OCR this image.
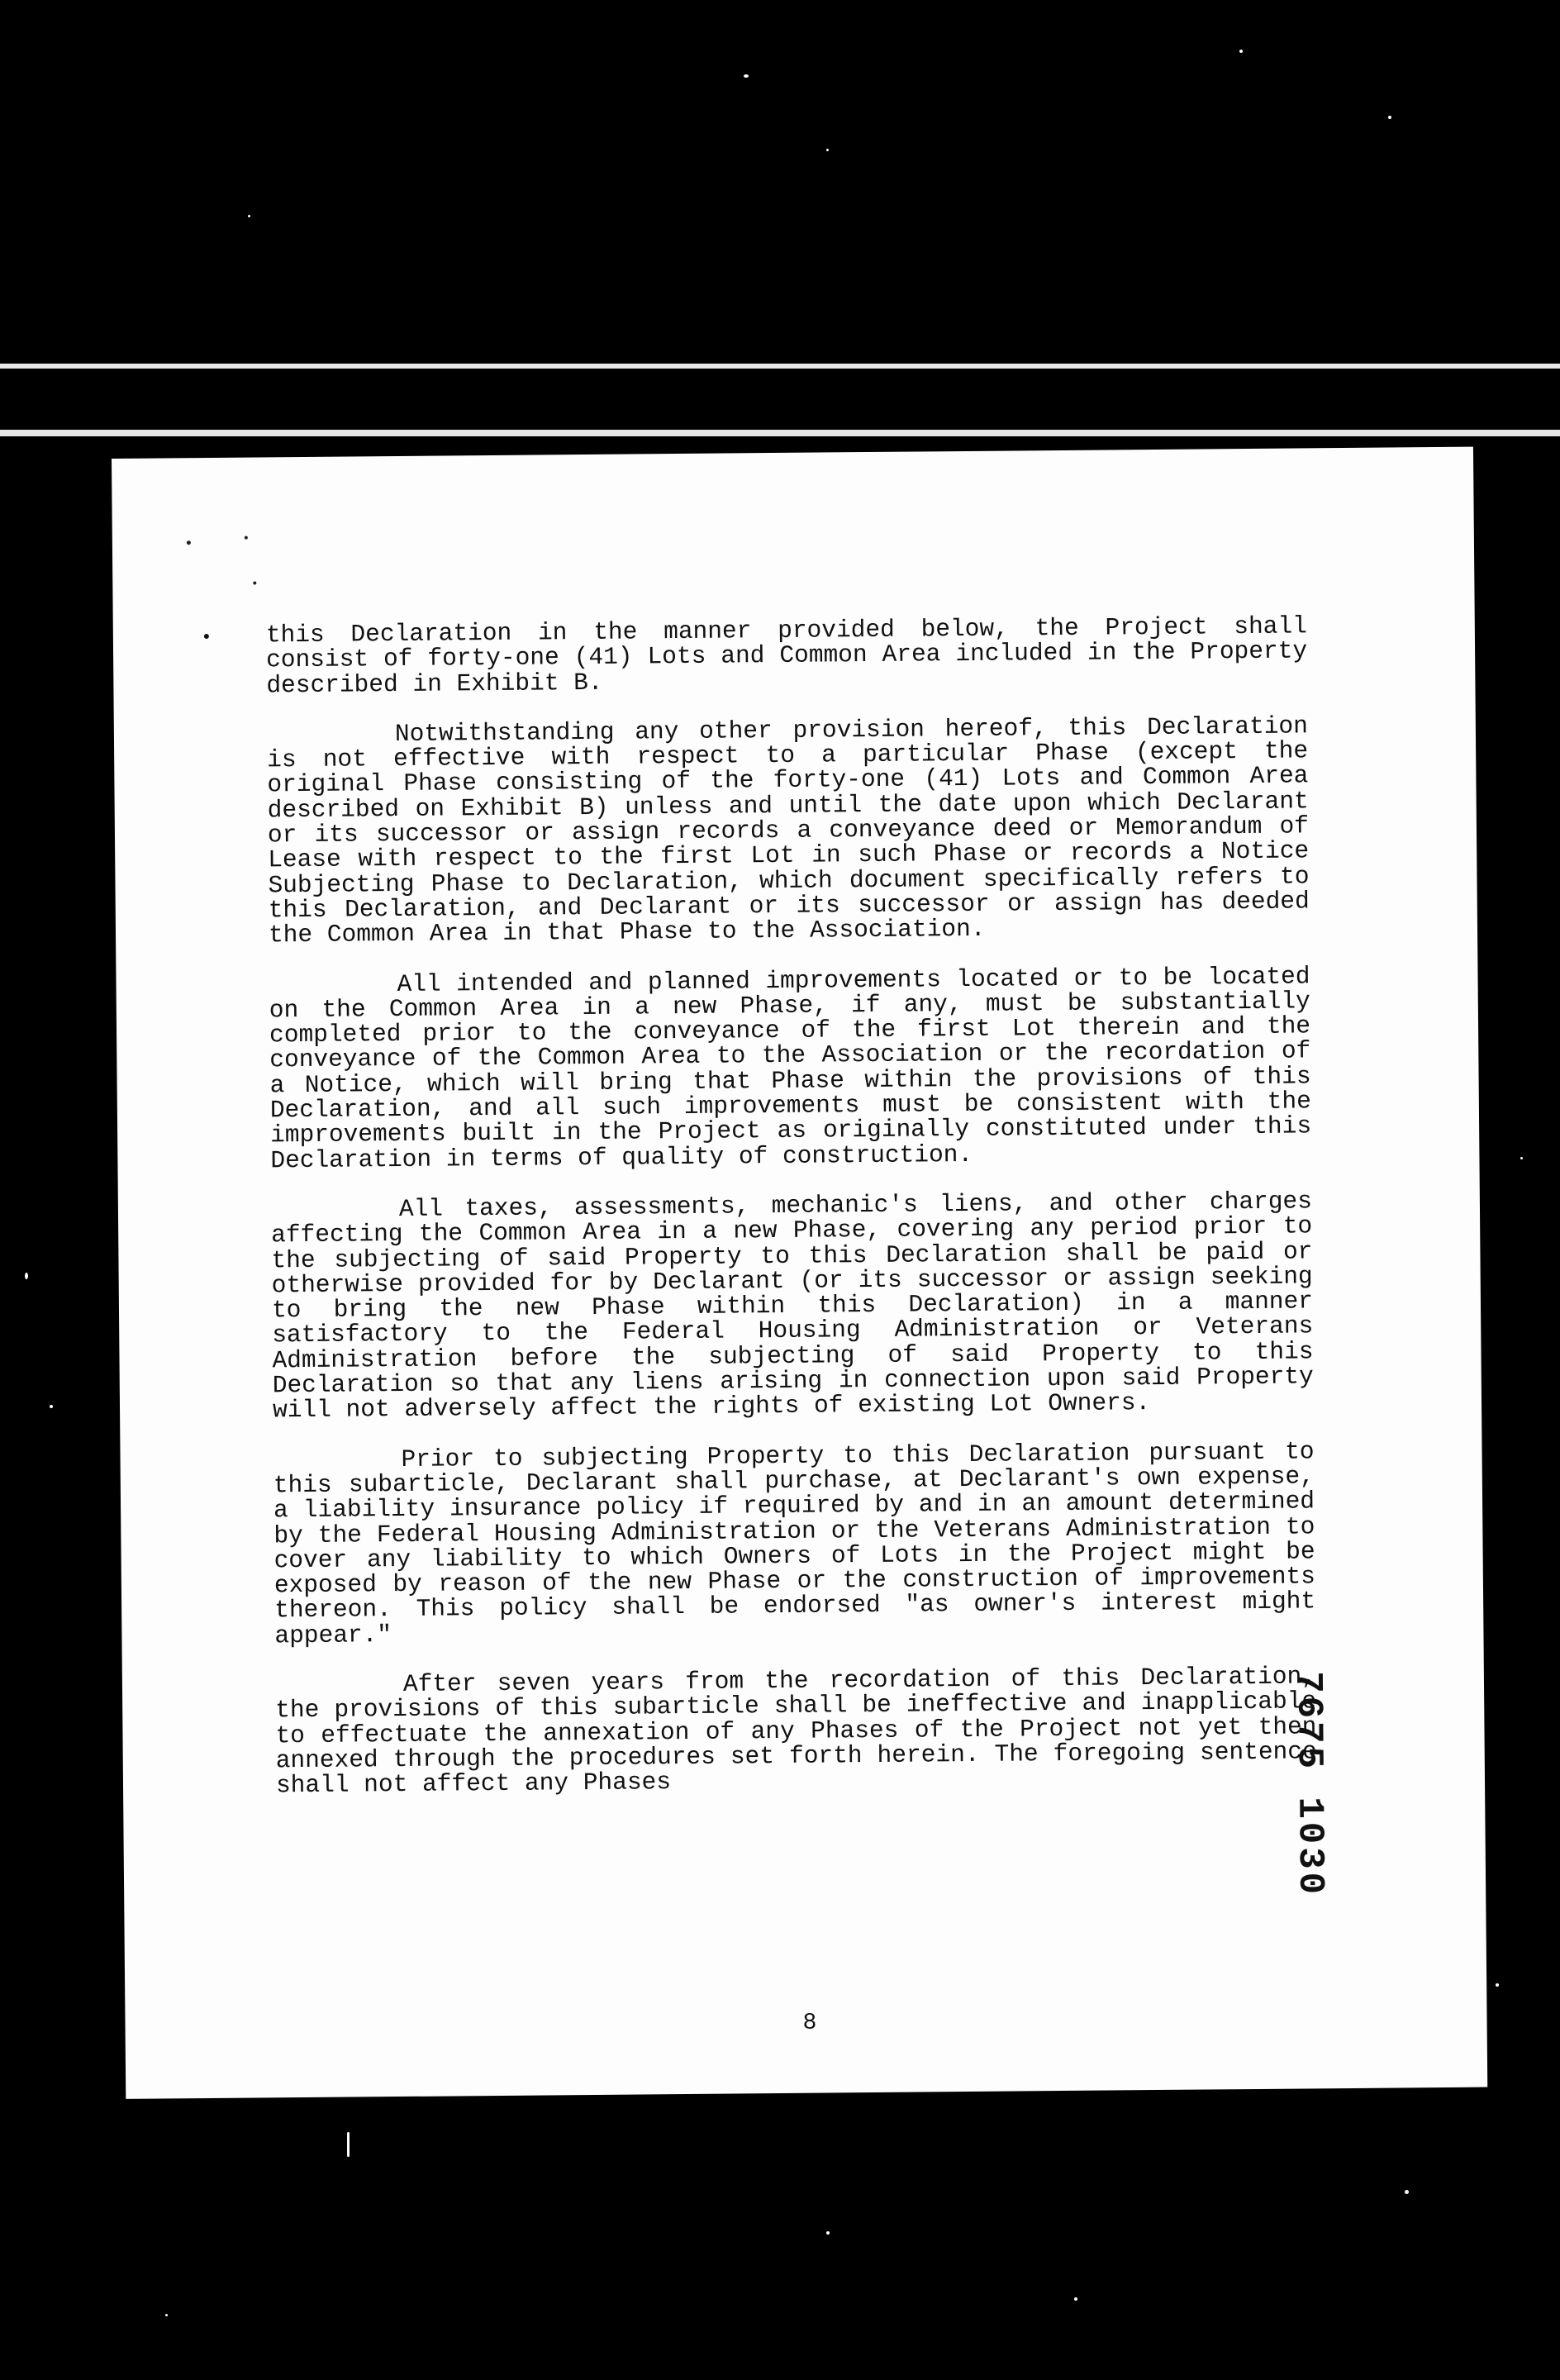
this Declaration in the manner provided below, the Project shall consist of forty-one (41) Lots and Common Area included in the Property described in Exhibit B.

Notwithstanding any other provision hereof, this Declaration is not effective with respect to a particular Phase (except the original Phase consisting of the forty-one (41) Lots and Common Area described on Exhibit B) unless and until the date upon which Declarant or its successor or assign records a conveyance deed or Memorandum of Lease with respect to the first Lot in such Phase or records a Notice Subjecting Phase to Declaration, which document specifically refers to this Declaration, and Declarant or its successor or assign has deeded the Common Area in that Phase to the Association.

All intended and planned improvements located or to be located on the Common Area in a new Phase, if any, must be substantially completed prior to the conveyance of the first Lot therein and the conveyance of the Common Area to the Association or the recordation of a Notice, which will bring that Phase within the provisions of this Declaration, and all such improvements must be consistent with the improvements built in the Project as originally constituted under this Declaration in terms of quality of construction.

All taxes, assessments, mechanic's liens, and other charges affecting the Common Area in a new Phase, covering any period prior to the subjecting of said Property to this Declaration shall be paid or otherwise provided for by Declarant (or its successor or assign seeking to bring the new Phase within this Declaration) in a manner satisfactory to the Federal Housing Administration or Veterans Administration before the subjecting of said Property to this Declaration so that any liens arising in connection upon said Property will not adversely affect the rights of existing Lot Owners.

Prior to subjecting Property to this Declaration pursuant to this subarticle, Declarant shall purchase, at Declarant's own expense, a liability insurance policy if required by and in an amount determined by the Federal Housing Administration or the Veterans Administration to cover any liability to which Owners of Lots in the Project might be exposed by reason of the new Phase or the construction of improvements thereon. This policy shall be endorsed "as owner's interest might appear."

After seven years from the recordation of this Declaration, the provisions of this subarticle shall be ineffective and inapplicable to effectuate the annexation of any Phases of the Project not yet then annexed through the procedures set forth herein. The foregoing sentence shall not affect any Phases	7675 1030
8
